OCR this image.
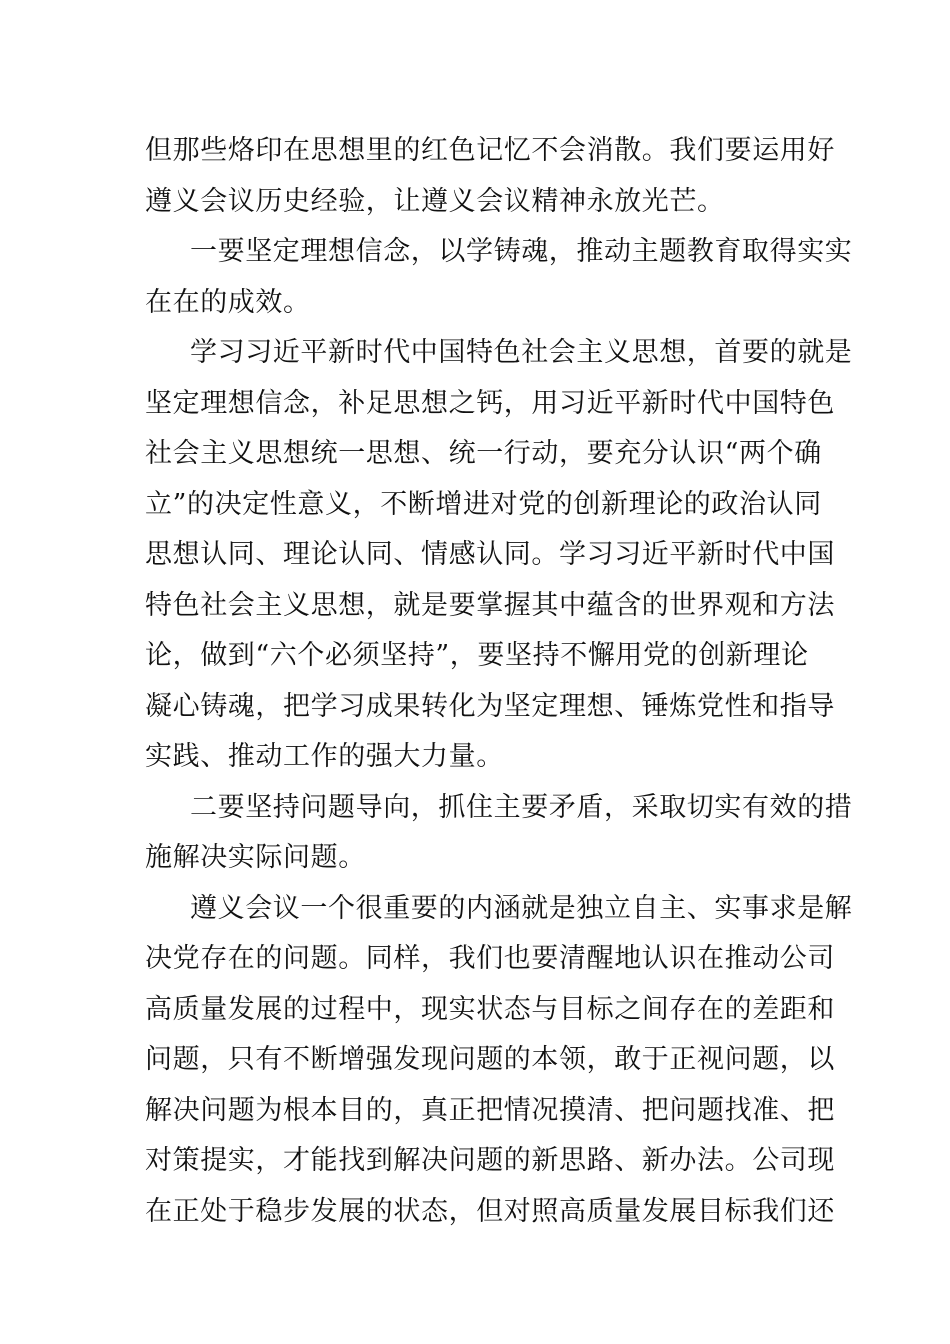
但那些烙印在思想里的红色记忆不会消散。我们要运用好
遵义会议历史经验，让遵义会议精神永放光芒。
一要坚定理想信念，以学铸魂，推动主题教育取得实实
在在的成效。
学习习近平新时代中国特色社会主义思想，首要的就是
坚定理想信念，补足思想之钙，用习近平新时代中国特色
社会主义思想统一思想、统一行动，要充分认识“两个确
立”的决定性意义，不断增进对党的创新理论的政治认同
思想认同、理论认同、情感认同。学习习近平新时代中国
特色社会主义思想，就是要掌握其中蕴含的世界观和方法
论，做到“六个必须坚持”，要坚持不懈用党的创新理论
凝心铸魂，把学习成果转化为坚定理想、锤炼党性和指导
实践、推动工作的强大力量。
二要坚持问题导向，抓住主要矛盾，采取切实有效的措
施解决实际问题。
遵义会议一个很重要的内涵就是独立自主、实事求是解
决党存在的问题。同样，我们也要清醒地认识在推动公司
高质量发展的过程中，现实状态与目标之间存在的差距和
问题，只有不断增强发现问题的本领，敢于正视问题，以
解决问题为根本目的，真正把情况摸清、把问题找准、把
对策提实，才能找到解决问题的新思路、新办法。公司现
在正处于稳步发展的状态，但对照高质量发展目标我们还
